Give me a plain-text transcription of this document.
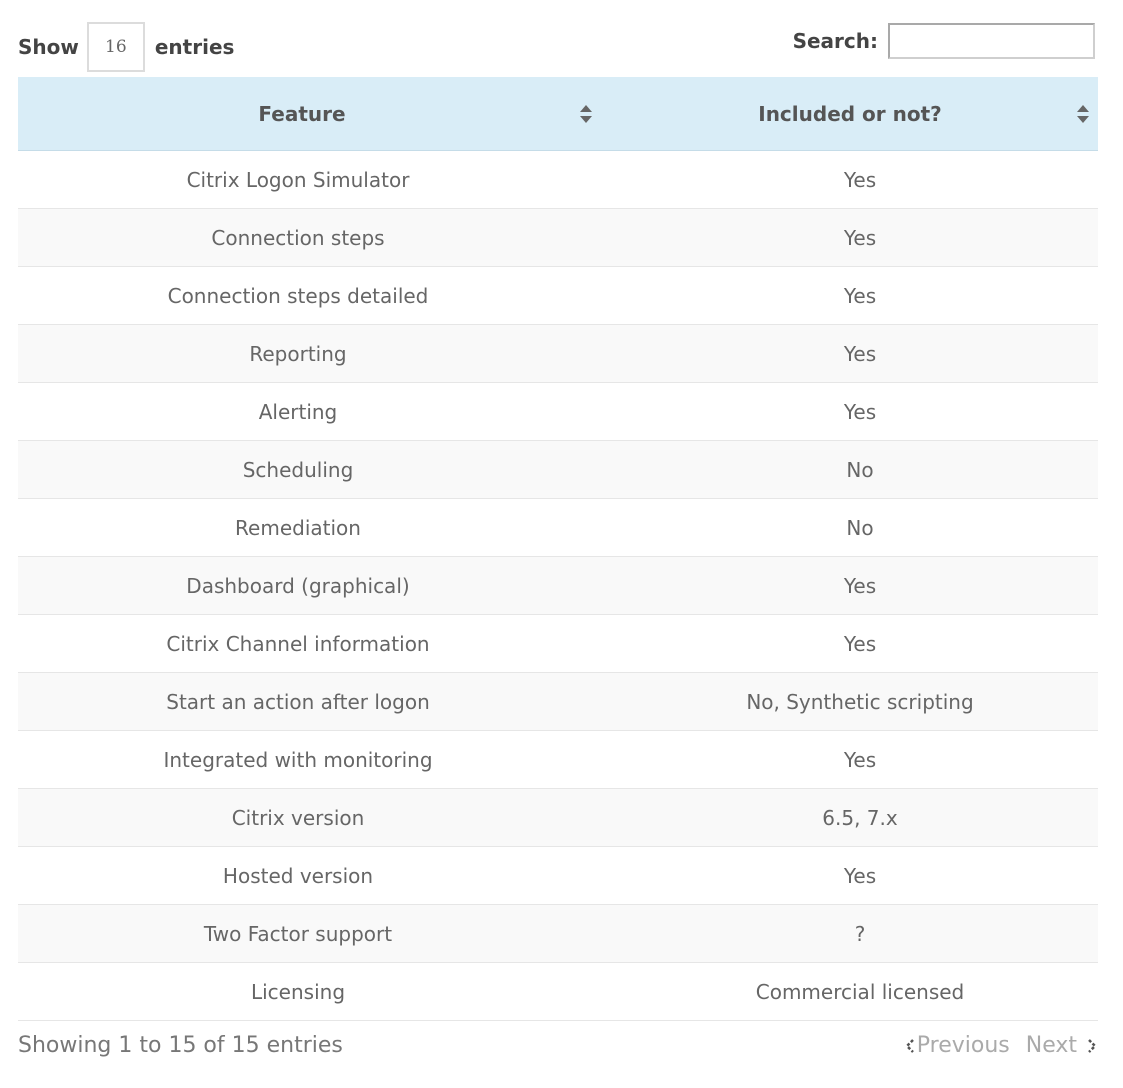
Show	16	entries	Search:
Feature	Included or not?

Citrix Logon Simulator	Yes
Connection steps	Yes
Connection steps detailed	Yes
Reporting	Yes
Alerting	Yes
Scheduling	No
Remediation	No
Dashboard (graphical)	Yes
Citrix Channel information	Yes
Start an action after logon	No, Synthetic scripting
Integrated with monitoring	Yes
Citrix version	6.5, 7.x
Hosted version	Yes
Two Factor support	?
Licensing	Commercial licensed
Showing 1 to 15 of 15 entries	Previous Next
